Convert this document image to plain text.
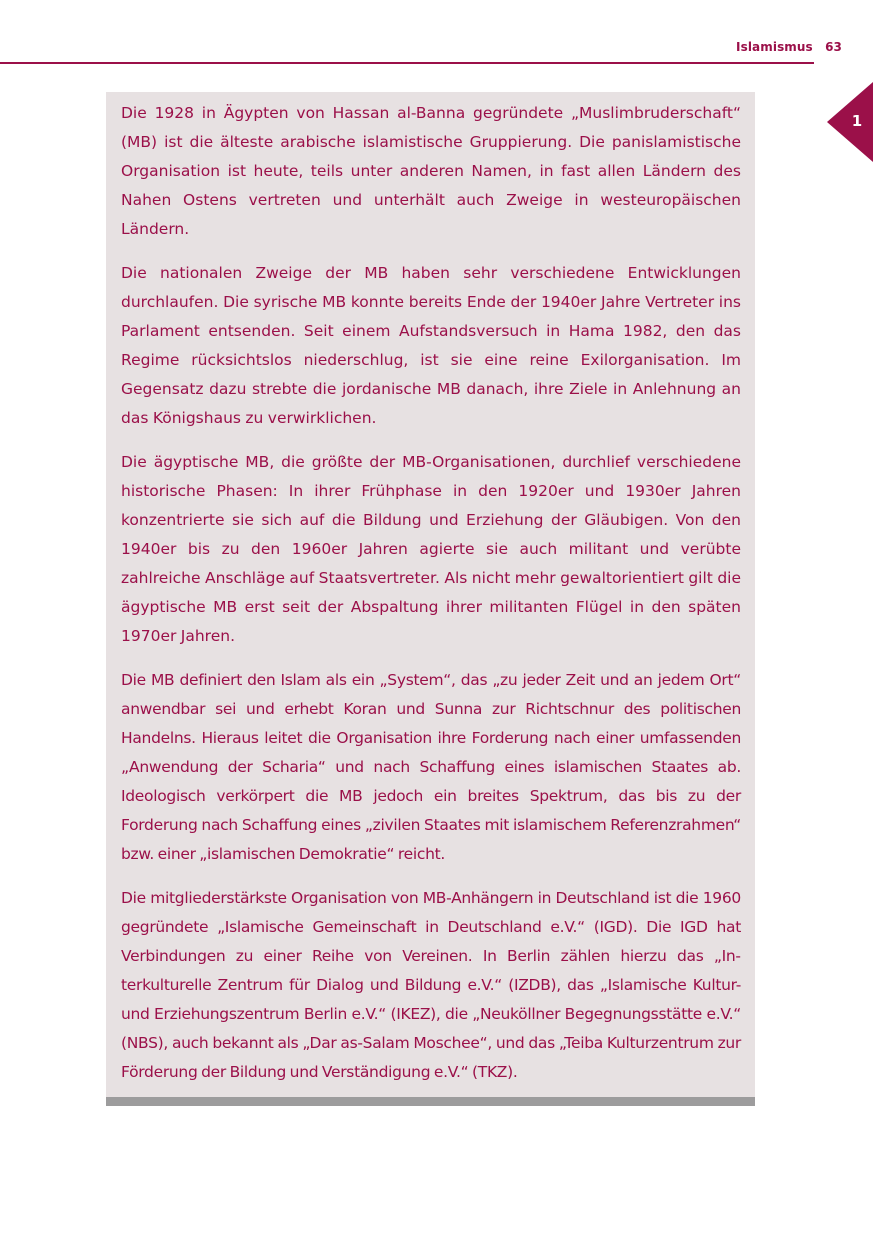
Islamismus 63
1

Die 1928 in Ägypten von Hassan al-Banna gegründete „Muslimbruderschaft“ (MB) ist die älteste arabische islamistische Gruppierung. Die panislamistische Organisation ist heute, teils unter anderen Namen, in fast allen Ländern des Nahen Ostens vertreten und unterhält auch Zweige in westeuropäischen Ländern.

Die nationalen Zweige der MB haben sehr verschiedene Entwicklungen durchlaufen. Die syrische MB konnte bereits Ende der 1940er Jahre Vertreter ins Parlament entsenden. Seit einem Aufstandsversuch in Hama 1982, den das Regime rücksichtslos niederschlug, ist sie eine reine Exilorganisation. Im Gegensatz dazu strebte die jordanische MB danach, ihre Ziele in Anlehnung an das Königshaus zu verwirklichen.

Die ägyptische MB, die größte der MB-Organisationen, durchlief verschiedene historische Phasen: In ihrer Frühphase in den 1920er und 1930er Jahren konzentrierte sie sich auf die Bildung und Erziehung der Gläubigen. Von den 1940er bis zu den 1960er Jahren agierte sie auch militant und verübte zahlreiche Anschläge auf Staatsvertreter. Als nicht mehr gewaltorientiert gilt die ägyptische MB erst seit der Abspaltung ihrer militanten Flügel in den späten 1970er Jahren.

Die MB definiert den Islam als ein „System“, das „zu jeder Zeit und an jedem Ort“ anwendbar sei und erhebt Koran und Sunna zur Richtschnur des politischen Handelns. Hieraus leitet die Organisation ihre Forderung nach einer umfassenden „Anwendung der Scharia“ und nach Schaffung eines islamischen Staates ab. Ideologisch verkörpert die MB jedoch ein breites Spektrum, das bis zu der Forderung nach Schaffung eines „zivilen Staates mit islamischem Referenzrahmen“ bzw. einer „islamischen Demokratie“ reicht.

Die mitgliederstärkste Organisation von MB-Anhängern in Deutschland ist die 1960 gegründete „Islamische Gemeinschaft in Deutschland e.V.“ (IGD). Die IGD hat Verbindungen zu einer Reihe von Vereinen. In Berlin zählen hierzu das „Interkulturelle Zentrum für Dialog und Bildung e.V.“ (IZDB), das „Islamische Kultur- und Erziehungszentrum Berlin e.V.“ (IKEZ), die „Neuköllner Begegnungsstätte e.V.“ (NBS), auch bekannt als „Dar as-Salam Moschee“, und das „Teiba Kulturzentrum zur Förderung der Bildung und Verständigung e.V.“ (TKZ).
